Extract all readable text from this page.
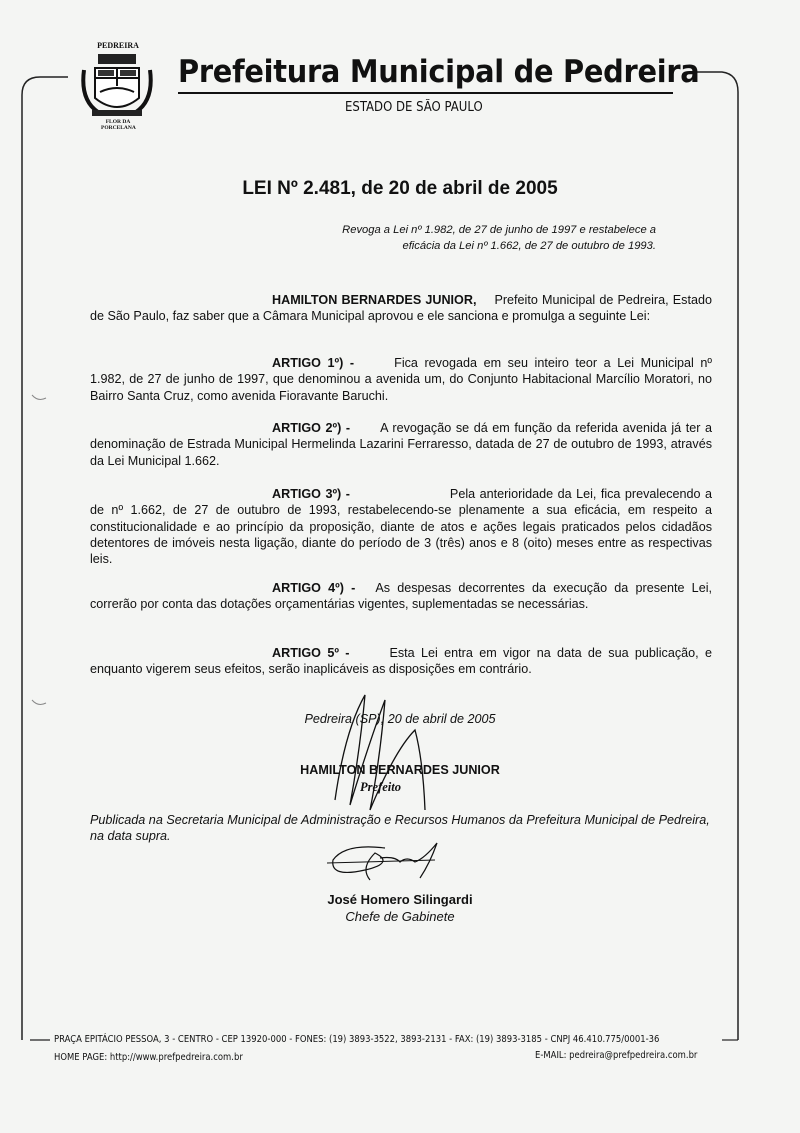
PEDREIRA
FLOR DA PORCELANA
Prefeitura Municipal de Pedreira
ESTADO DE SÃO PAULO
LEI Nº 2.481, de 20 de abril de 2005
Revoga a Lei nº 1.982, de 27 de junho de 1997 e restabelece a eficácia da Lei nº 1.662, de 27 de outubro de 1993.
HAMILTON BERNARDES JUNIOR, Prefeito Municipal de Pedreira, Estado de São Paulo, faz saber que a Câmara Municipal aprovou e ele sanciona e promulga a seguinte Lei:
ARTIGO 1º) -	Fica revogada em seu inteiro teor a Lei Municipal nº 1.982, de 27 de junho de 1997, que denominou a avenida um, do Conjunto Habitacional Marcílio Moratori, no Bairro Santa Cruz, como avenida Fioravante Baruchi.
ARTIGO 2º) - A revogação se dá em função da referida avenida já ter a denominação de Estrada Municipal Hermelinda Lazarini Ferraresso, datada de 27 de outubro de 1993, através da Lei Municipal 1.662.
ARTIGO 3º) -	Pela anterioridade da Lei, fica prevalecendo a de nº 1.662, de 27 de outubro de 1993, restabelecendo-se plenamente a sua eficácia, em respeito a constitucionalidade e ao princípio da proposição, diante de atos e ações legais praticados pelos cidadãos detentores de imóveis nesta ligação, diante do período de 3 (três) anos e 8 (oito) meses entre as respectivas leis.
ARTIGO 4º) - As despesas decorrentes da execução da presente Lei, correrão por conta das dotações orçamentárias vigentes, suplementadas se necessárias.
ARTIGO 5º -	Esta Lei entra em vigor na data de sua publicação, e enquanto vigerem seus efeitos, serão inaplicáveis as disposições em contrário.
Pedreira (SP), 20 de abril de 2005
HAMILTON BERNARDES JUNIOR
Prefeito
Publicada na Secretaria Municipal de Administração e Recursos Humanos da Prefeitura Municipal de Pedreira, na data supra.
José Homero Silingardi
Chefe de Gabinete
PRAÇA EPITÁCIO PESSOA, 3 - CENTRO - CEP 13920-000 - FONES: (19) 3893-3522, 3893-2131 - FAX: (19) 3893-3185 - CNPJ 46.410.775/0001-36
HOME PAGE: http://www.prefpedreira.com.br	E-MAIL: pedreira@prefpedreira.com.br
